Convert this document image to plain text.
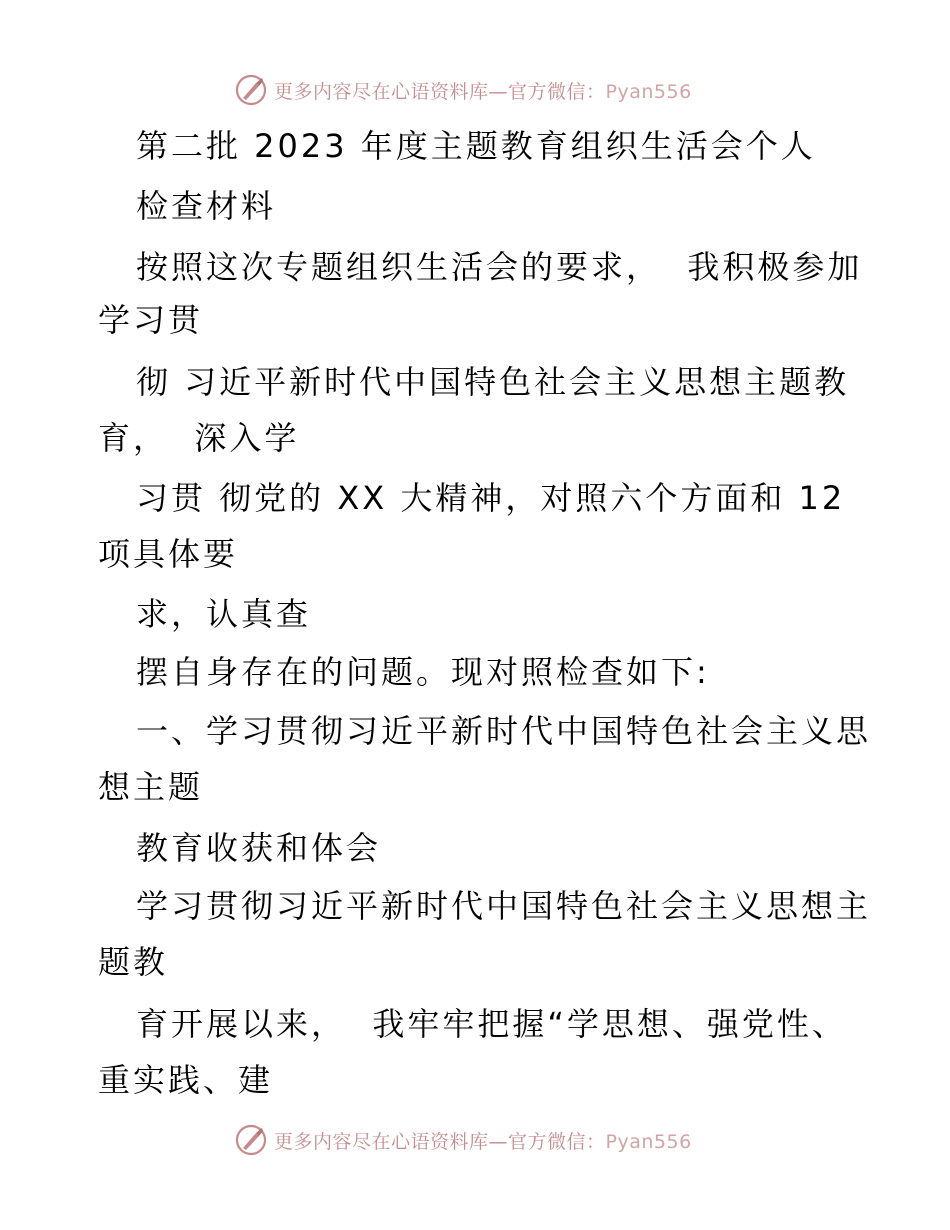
更多内容尽在心语资料库—官方微信：Pyan556
第二批 2023 年度主题教育组织生活会个人
检查材料
按照这次专题组织生活会的要求，  我积极参加
学习贯
彻 习近平新时代中国特色社会主义思想主题教
育，  深入学
习贯 彻党的 XX 大精神，对照六个方面和 12
项具体要
求，认真查
摆自身存在的问题。现对照检查如下:
一、学习贯彻习近平新时代中国特色社会主义思
想主题
教育收获和体会
学习贯彻习近平新时代中国特色社会主义思想主
题教
育开展以来，  我牢牢把握“学思想、强党性、
重实践、建
更多内容尽在心语资料库—官方微信：Pyan556
